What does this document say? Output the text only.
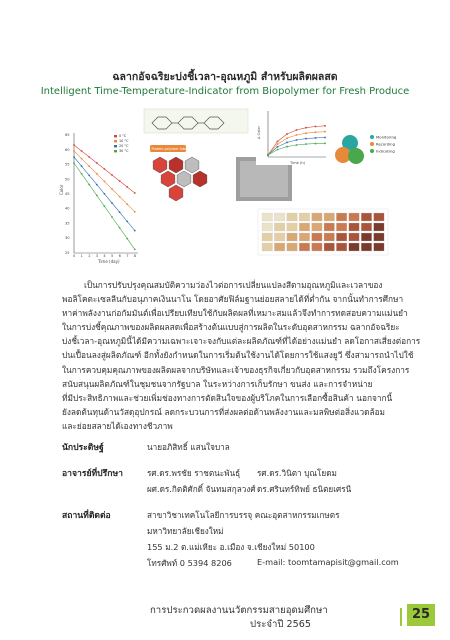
ฉลากอัจฉริยะบ่งชี้เวลา-อุณหภูมิ สำหรับผลิตผลสด
Intelligent Time-Temperature-Indicator from Biopolymer for Fresh Produce
65
60
55
50
45
40
35
30
25
0 1 2 3 4 5 6 7 8
Color
Time (day)
0 °C
10 °C
20 °C
30 °C
Protein-polymer interaction
Δ Color
Time (h)
Monitoring
Recording
Indicating
เป็นการปรับปรุงคุณสมบัติความว่องไวต่อการเปลี่ยนแปลงสีตามอุณหภูมิและเวลาของ
พอลิโคตะเซลลีนกับอนุภาคเงินนาโน โดยอาศัยฟิล์มฐานย่อยสลายได้ที่ต่ำกัน จากนั้นทำการศึกษา
หาค่าพลังงานก่อกัมมันต์เพื่อเปรียบเทียบใช้กับผลิตผลที่เหมาะสมแล้วจึงทำการทดสอบความแม่นยำ
ในการบ่งชี้คุณภาพของผลิตผลสดเพื่อสร้างต้นแบบสู่การผลิตในระดับอุตสาหกรรม ฉลากอัจฉริยะ
บ่งชี้เวลา-อุณหภูมินี้ได้มีความเฉพาะเจาะจงกับแต่ละผลิตภัณฑ์ที่ได้อย่างแม่นยำ ลดโอกาสเสี่ยงต่อการ
ปนเปื้อนลงสู่ผลิตภัณฑ์ อีกทั้งยังกำหนดในการเริ่มต้นใช้งานได้โดยการใช้แสงยูวี ซึ่งสามารถนำไปใช้
ในการควบคุมคุณภาพของผลิตผลจากบริษัทและเจ้าของธุรกิจเกี่ยวกับอุตสาหกรรม รวมถึงโครงการ
สนับสนุนผลิตภัณฑ์ในชุมชนจากรัฐบาล ในระหว่างการเก็บรักษา ขนส่ง และการจำหน่าย
ที่มีประสิทธิภาพและช่วยเพิ่มช่องทางการตัดสินใจของผู้บริโภคในการเลือกซื้อสินค้า นอกจากนี้
ยังลดต้นทุนด้านวัสดุอุปกรณ์ ลดกระบวนการที่ส่งผลต่อด้านพลังงานและมลพิษต่อสิ่งแวดล้อม
และย่อยสลายได้เองทางชีวภาพ
นักประดิษฐ์	นายอภิสิทธิ์ แสนใจบาล
อาจารย์ที่ปรึกษา	รศ.ดร.พรชัย ราชตนะพันธุ์ รศ.ดร.วินิตา บุณโยดม
ผศ.ดร.กิตติศักดิ์ จันทมสกุลวงศ์ ดร.ศรินทร์ทิพย์ ธนิตยเศรนี
สถานที่ติดต่อ	สาขาวิชาเทคโนโลยีการบรรจุ คณะอุตสาหกรรมเกษตร
มหาวิทยาลัยเชียงใหม่
155 ม.2 ต.แม่เหียะ อ.เมือง จ.เชียงใหม่ 50100
โทรศัพท์ 0 5394 8206	E-mail: toomtamapisit@gmail.com
การประกวดผลงานนวัตกรรมสายอุดมศึกษา
ประจำปี 2565
25
